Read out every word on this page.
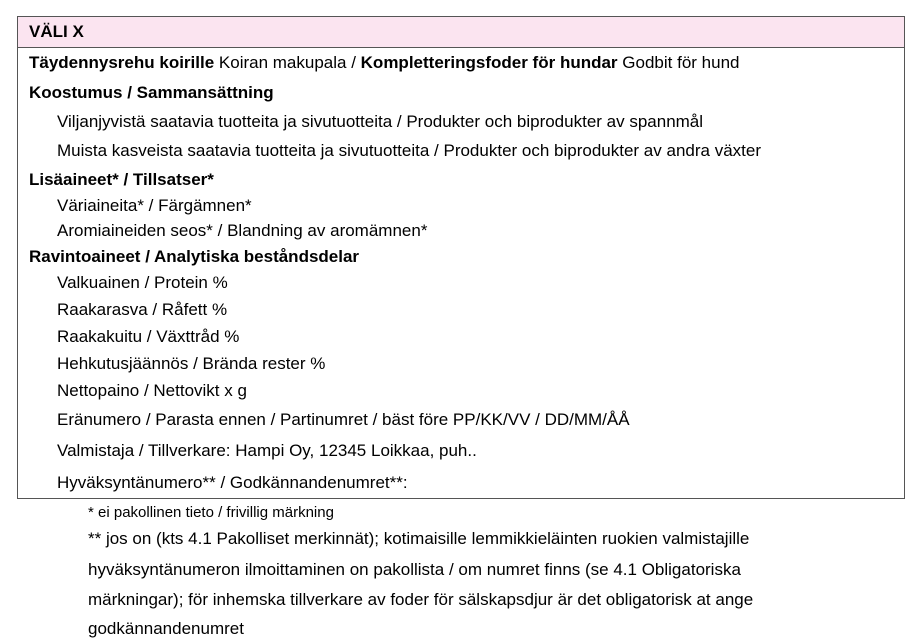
VÄLI X
Täydennysrehu koirille Koiran makupala / Kompletteringsfoder för hundar Godbit för hund
Koostumus / Sammansättning
Viljanjyvistä saatavia tuotteita ja sivutuotteita / Produkter och biprodukter av spannmål
Muista kasveista saatavia tuotteita ja sivutuotteita / Produkter och biprodukter av andra växter
Lisäaineet* / Tillsatser*
Väriaineita* / Färgämnen*
Aromiaineiden seos* / Blandning av aromämnen*
Ravintoaineet / Analytiska beståndsdelar
Valkuainen / Protein %
Raakarasva / Råfett %
Raakakuitu / Växttråd %
Hehkutusjäännös / Brända rester %
Nettopaino / Nettovikt x g
Eränumero / Parasta ennen / Partinumret / bäst före PP/KK/VV / DD/MM/ÅÅ
Valmistaja / Tillverkare: Hampi Oy, 12345 Loikkaa, puh..
Hyväksyntänumero** / Godkännandenumret**:
* ei pakollinen tieto / frivillig märkning
** jos on (kts 4.1 Pakolliset merkinnät); kotimaisille lemmikkieläinten ruokien valmistajille
hyväksyntänumeron ilmoittaminen on pakollista / om numret finns (se 4.1 Obligatoriska
märkningar); för inhemska tillverkare av foder för sälskapsdjur är det obligatorisk at ange
godkännandenumret
